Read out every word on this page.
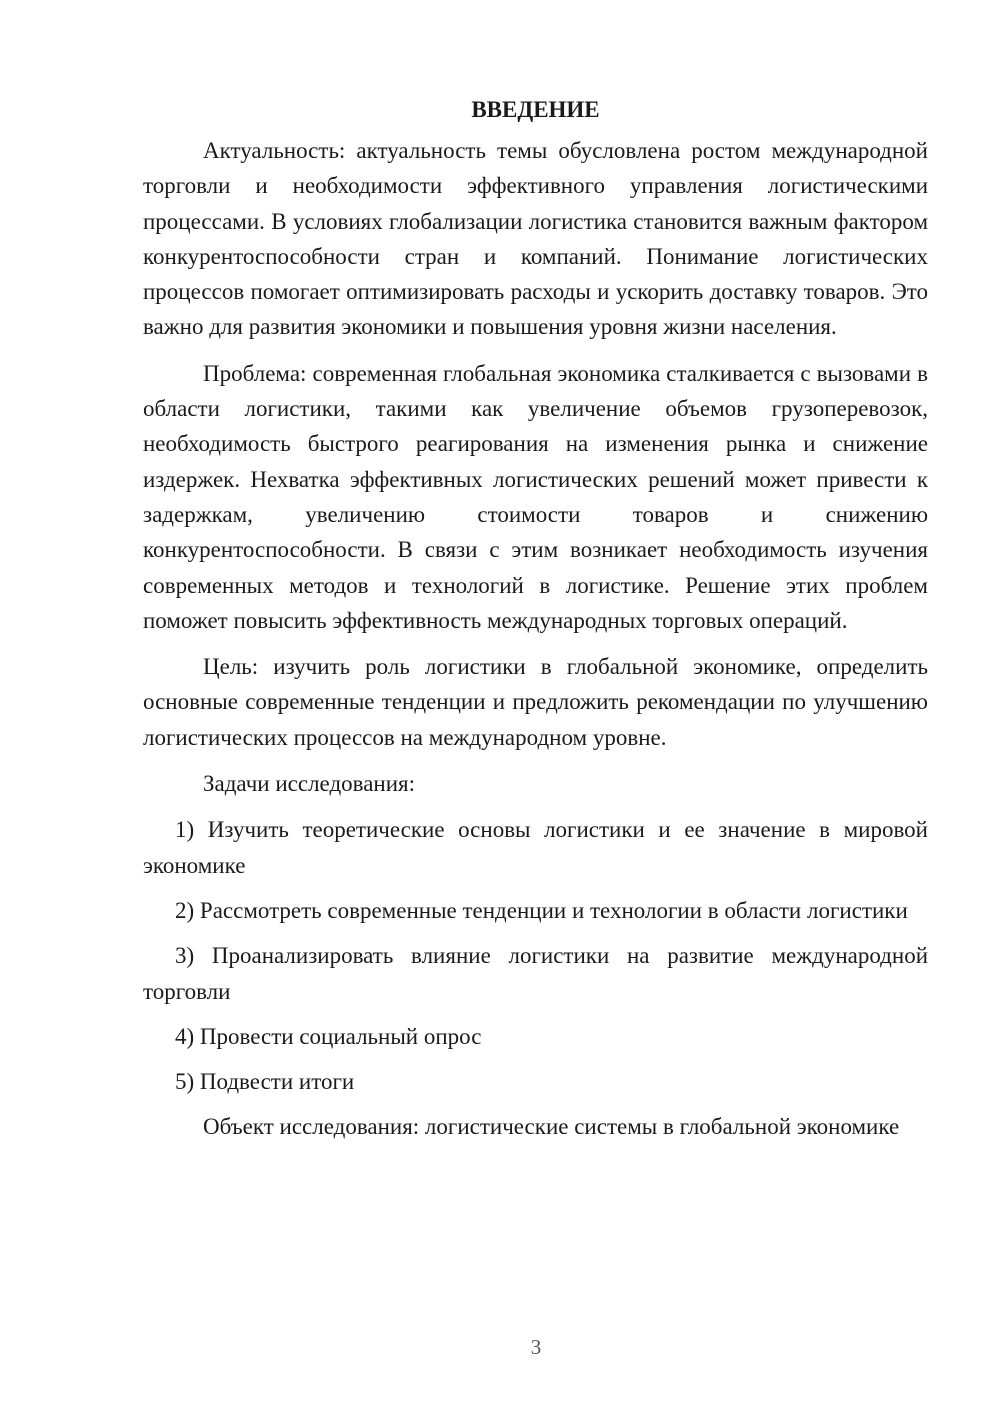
ВВЕДЕНИЕ

Актуальность: актуальность темы обусловлена ростом международной торговли и необходимости эффективного управления логистическими процессами. В условиях глобализации логистика становится важным фактором конкурентоспособности стран и компаний. Понимание логистических процессов помогает оптимизировать расходы и ускорить доставку товаров. Это важно для развития экономики и повышения уровня жизни населения.

Проблема: современная глобальная экономика сталкивается с вызовами в области логистики, такими как увеличение объемов грузоперевозок, необходимость быстрого реагирования на изменения рынка и снижение издержек. Нехватка эффективных логистических решений может привести к задержкам, увеличению стоимости товаров и снижению конкурентоспособности. В связи с этим возникает необходимость изучения современных методов и технологий в логистике. Решение этих проблем поможет повысить эффективность международных торговых операций.

Цель: изучить роль логистики в глобальной экономике, определить основные современные тенденции и предложить рекомендации по улучшению логистических процессов на международном уровне.

Задачи исследования:

1) Изучить теоретические основы логистики и ее значение в мировой экономике

2) Рассмотреть современные тенденции и технологии в области логистики

3) Проанализировать влияние логистики на развитие международной торговли

4) Провести социальный опрос

5) Подвести итоги

Объект исследования: логистические системы в глобальной экономике

3
